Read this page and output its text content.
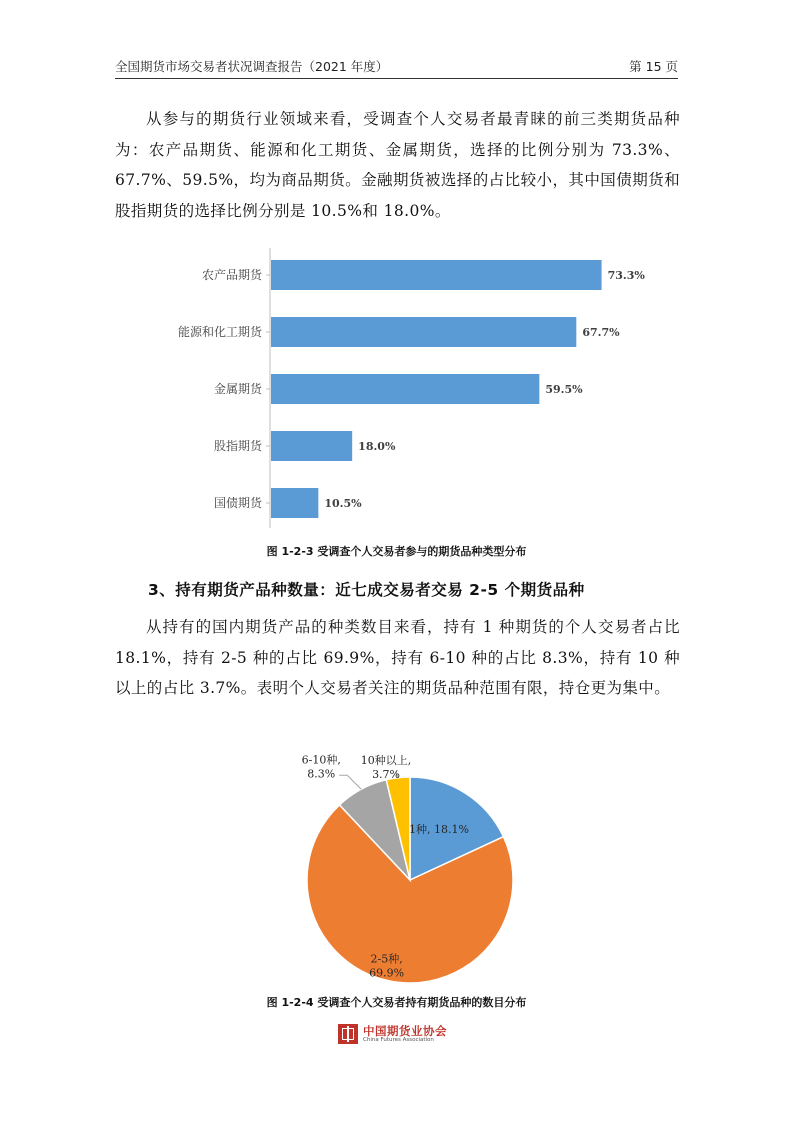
全国期货市场交易者状况调查报告（2021 年度）	第 15 页

从参与的期货行业领域来看，受调查个人交易者最青睐的前三类期货品种为：农产品期货、能源和化工期货、金属期货，选择的比例分别为 73.3%、67.7%、59.5%，均为商品期货。金融期货被选择的占比较小，其中国债期货和股指期货的选择比例分别是 10.5%和 18.0%。

农产品期货	73.3%
能源和化工期货	67.7%
金属期货	59.5%
股指期货	18.0%
国债期货	10.5%
图 1-2-3 受调查个人交易者参与的期货品种类型分布
3、持有期货产品种数量：近七成交易者交易 2-5 个期货品种

从持有的国内期货产品的种类数目来看，持有 1 种期货的个人交易者占比 18.1%，持有 2-5 种的占比 69.9%，持有 6-10 种的占比 8.3%，持有 10 种以上的占比 3.7%。表明个人交易者关注的期货品种范围有限，持仓更为集中。

1种, 18.1%
2-5种, 69.9%
6-10种, 8.3%
10种以上, 3.7%
图 1-2-4 受调查个人交易者持有期货品种的数目分布
中国期货业协会
China Futures Association
